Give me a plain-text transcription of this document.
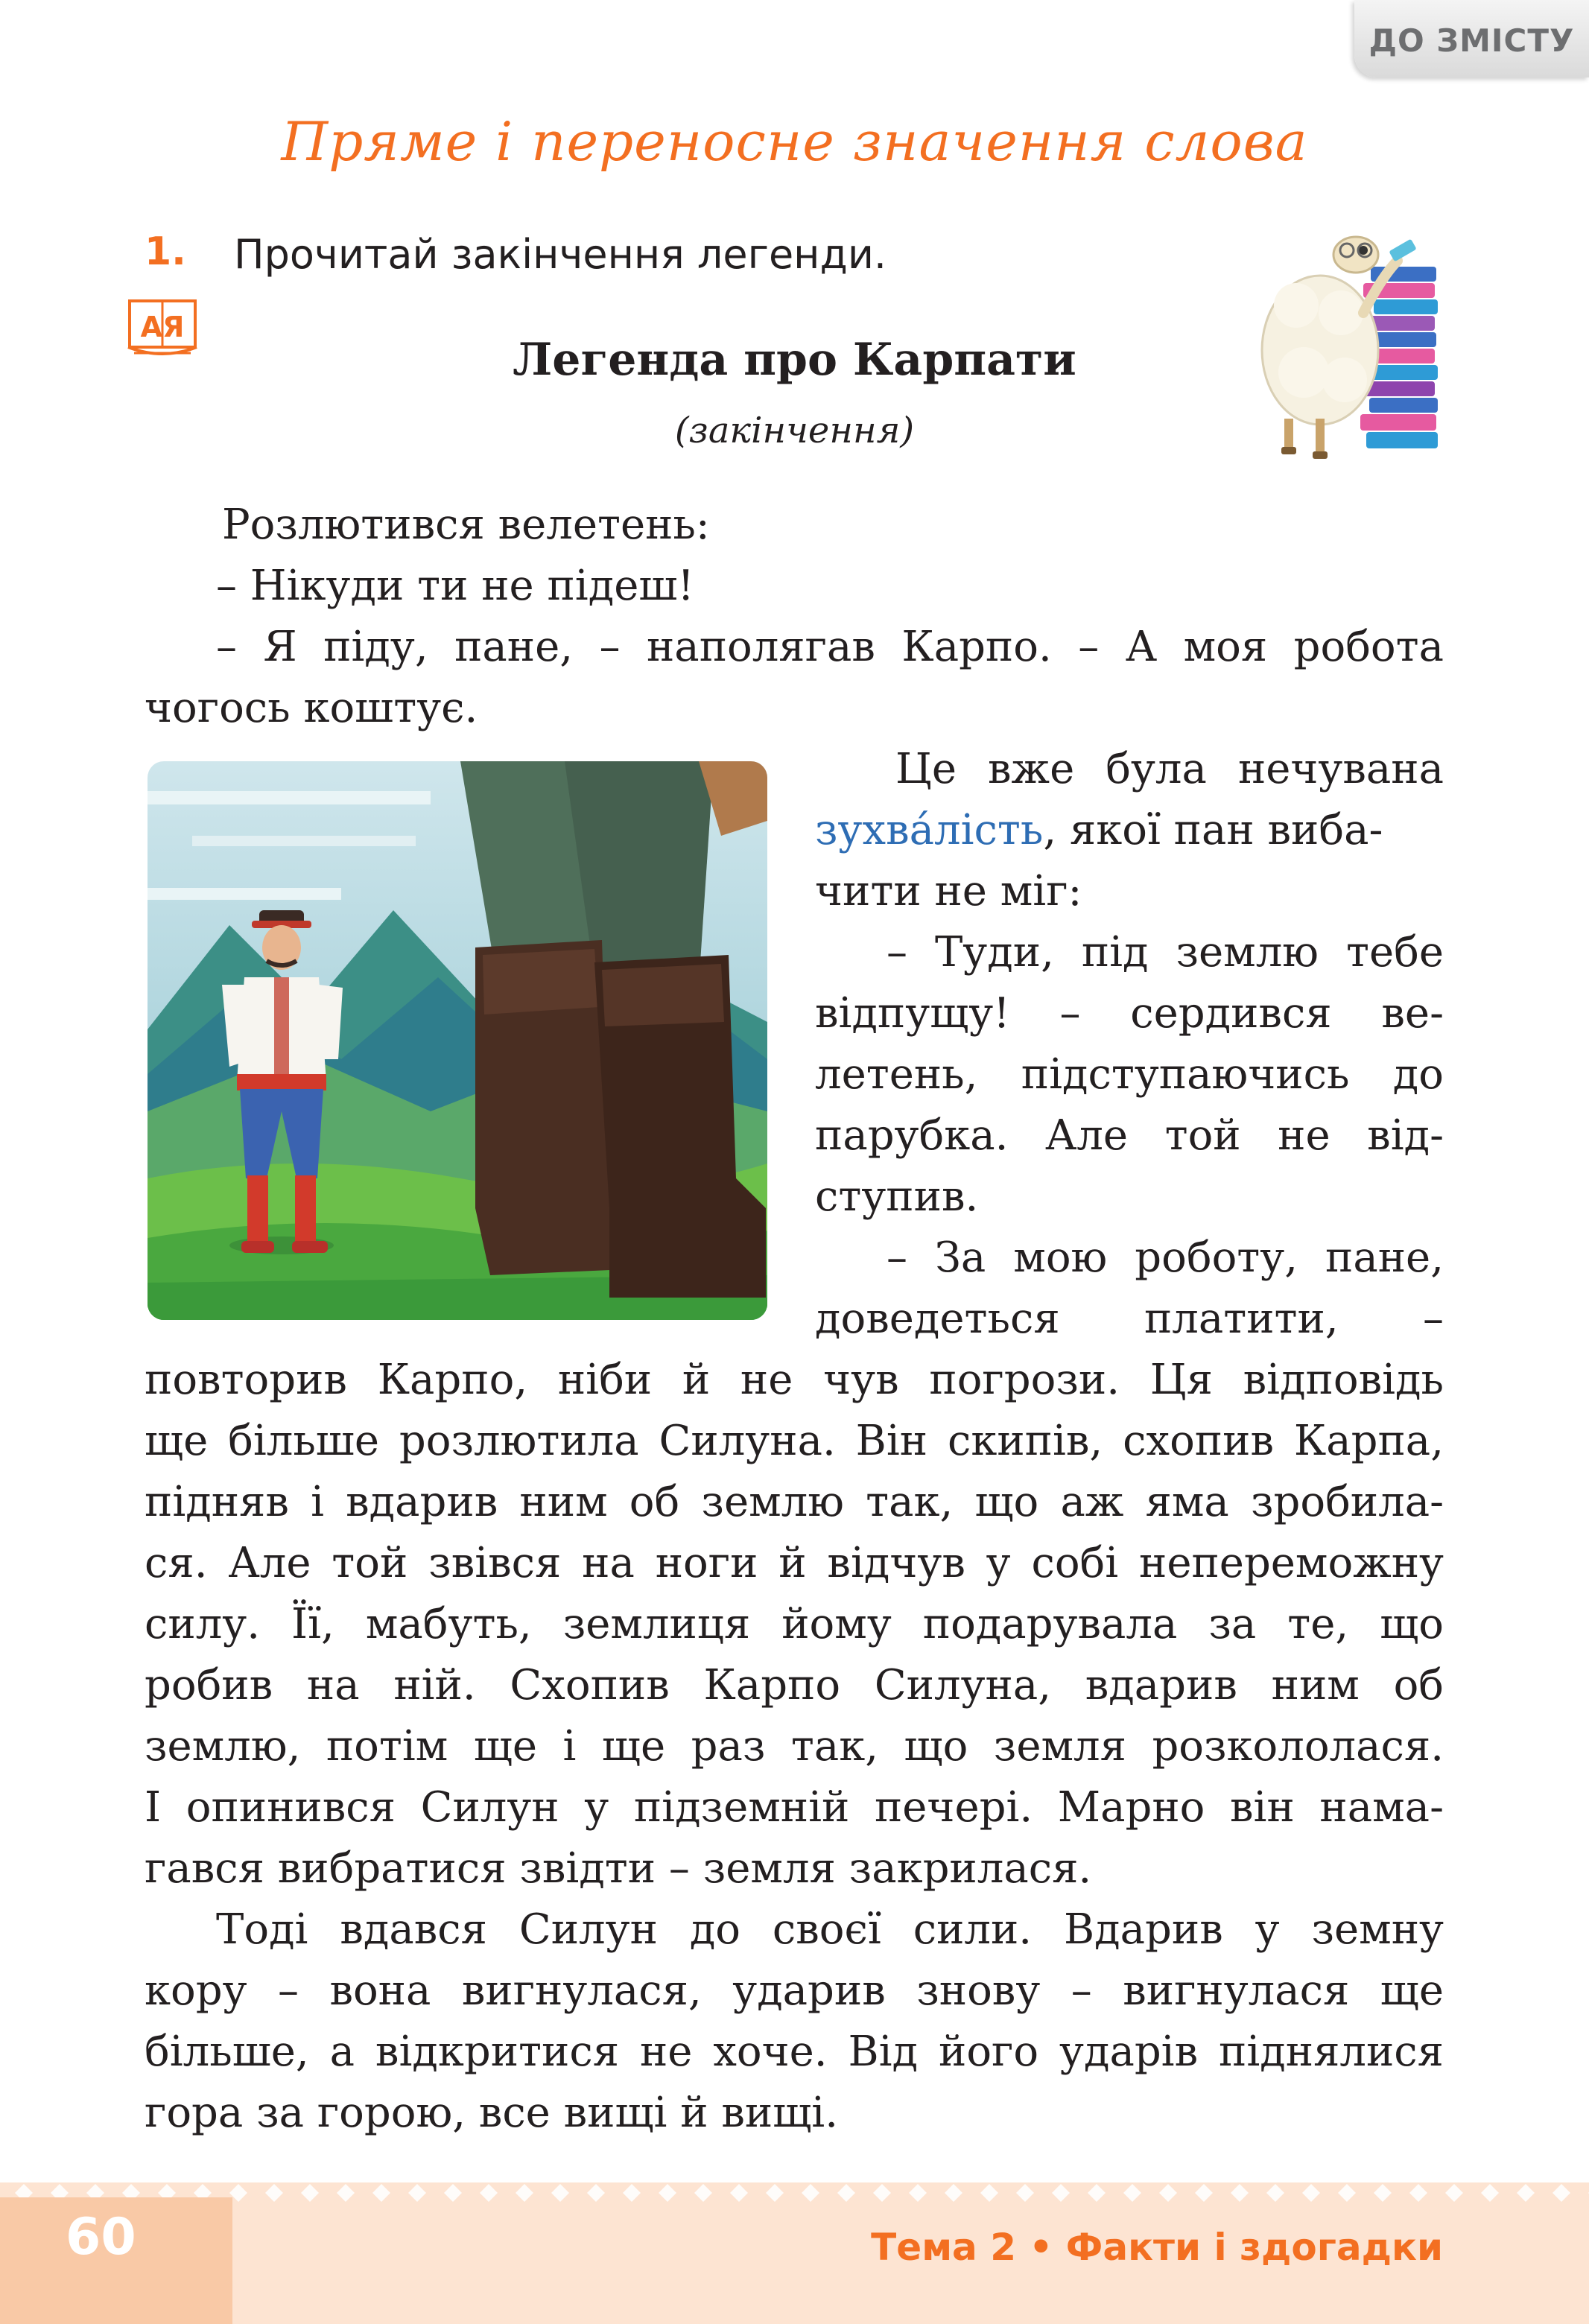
ДО ЗМІСТУ
Пряме і переносне значення слова
1. Прочитай закінчення легенди.
АЯ
Легенда про Карпати
(закінчення)
Розлютився велетень:
– Нікуди ти не підеш!
– Я піду, пане, – наполягав Карпо. – А моя робота
чогось коштує.
Це вже була нечувана
зухва́лість, якої пан виба-
чити не міг:
– Туди, під землю тебе
відпущу! – сердився ве-
летень, підступаючись до
парубка. Але той не від-
ступив.
– За мою роботу, пане,
доведеться платити, –
повторив Карпо, ніби й не чув погрози. Ця відповідь
ще більше розлютила Силуна. Він скипів, схопив Карпа,
підняв і вдарив ним об землю так, що аж яма зробила-
ся. Але той звівся на ноги й відчув у собі непереможну
силу. Її, мабуть, землиця йому подарувала за те, що
робив на ній. Схопив Карпо Силуна, вдарив ним об
землю, потім ще і ще раз так, що земля розкололася.
І опинився Силун у підземній печері. Марно він нама-
гався вибратися звідти – земля закрилася.
Тоді вдався Силун до своєї сили. Вдарив у земну
кору – вона вигнулася, ударив знову – вигнулася ще
більше, а відкритися не хоче. Від його ударів піднялися
гора за горою, все вищі й вищі.
60	Тема 2 • Факти і здогадки
